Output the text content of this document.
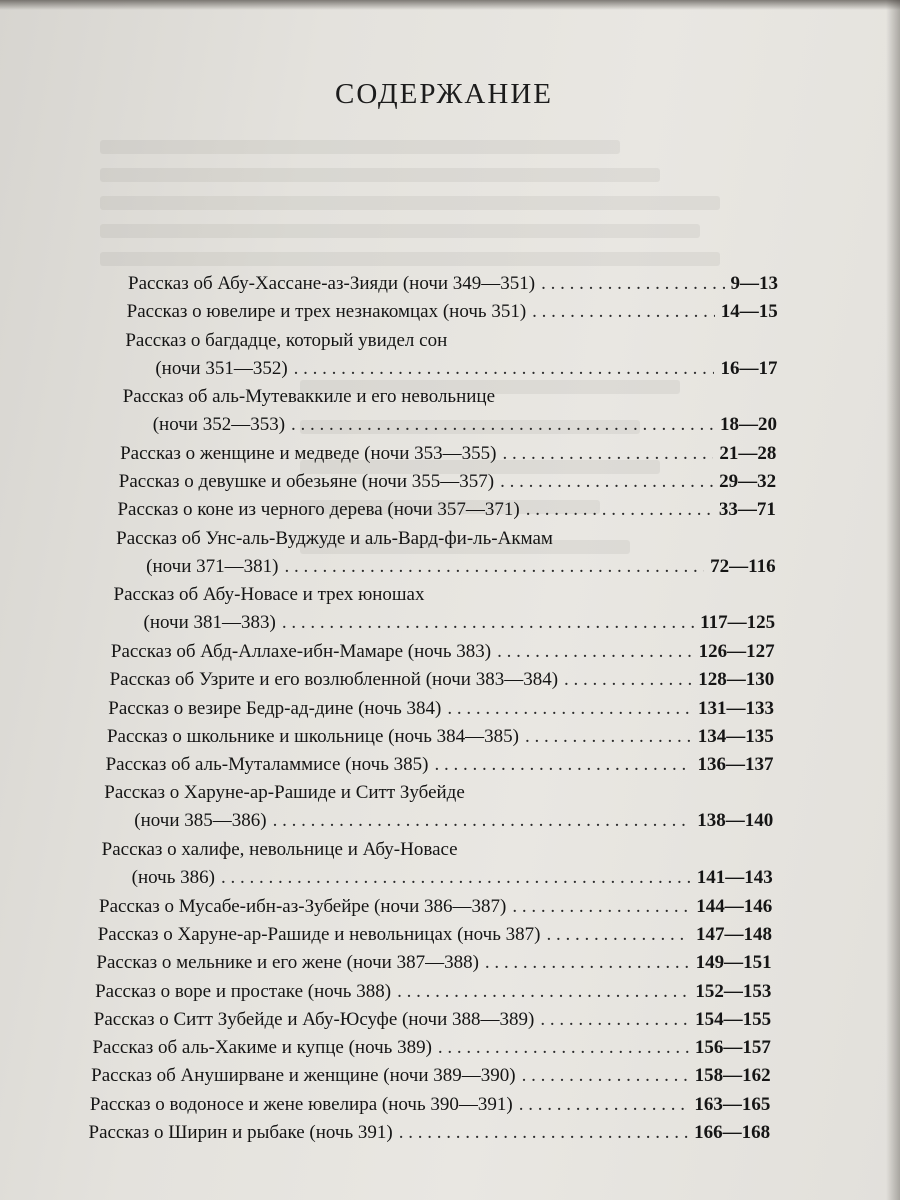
СОДЕРЖАНИЕ
Рассказ об Абу-Хассане-аз-Зияди (ночи 349—351) . . .	9—13
Рассказ о ювелире и трех незнакомцах (ночь 351) . . .	14—15
Рассказ о багдадце, который увидел сон
(ночи 351—352) . . .	16—17
Рассказ об аль-Мутеваккиле и его невольнице
(ночи 352—353) . . .	18—20
Рассказ о женщине и медведе (ночи 353—355) . . .	21—28
Рассказ о девушке и обезьяне (ночи 355—357) . . .	29—32
Рассказ о коне из черного дерева (ночи 357—371) . . .	33—71
Рассказ об Унс-аль-Вуджуде и аль-Вард-фи-ль-Акмам
(ночи 371—381) . . .	72—116
Рассказ об Абу-Новасе и трех юношах
(ночи 381—383) . . .	117—125
Рассказ об Абд-Аллахе-ибн-Мамаре (ночь 383) . . .	126—127
Рассказ об Узрите и его возлюбленной (ночи 383—384) . . .	128—130
Рассказ о везире Бедр-ад-дине (ночь 384) . . .	131—133
Рассказ о школьнике и школьнице (ночь 384—385) . . .	134—135
Рассказ об аль-Муталаммисе (ночь 385) . . .	136—137
Рассказ о Харуне-ар-Рашиде и Ситт Зубейде
(ночи 385—386) . . .	138—140
Рассказ о халифе, невольнице и Абу-Новасе
(ночь 386) . . .	141—143
Рассказ о Мусабе-ибн-аз-Зубейре (ночи 386—387) . . .	144—146
Рассказ о Харуне-ар-Рашиде и невольницах (ночь 387) . . .	147—148
Рассказ о мельнике и его жене (ночи 387—388) . . .	149—151
Рассказ о воре и простаке (ночь 388) . . .	152—153
Рассказ о Ситт Зубейде и Абу-Юсуфе (ночи 388—389) . . .	154—155
Рассказ об аль-Хакиме и купце (ночь 389) . . .	156—157
Рассказ об Ануширване и женщине (ночи 389—390) . . .	158—162
Рассказ о водоносе и жене ювелира (ночь 390—391) . . .	163—165
Рассказ о Ширин и рыбаке (ночь 391) . . .	166—168
